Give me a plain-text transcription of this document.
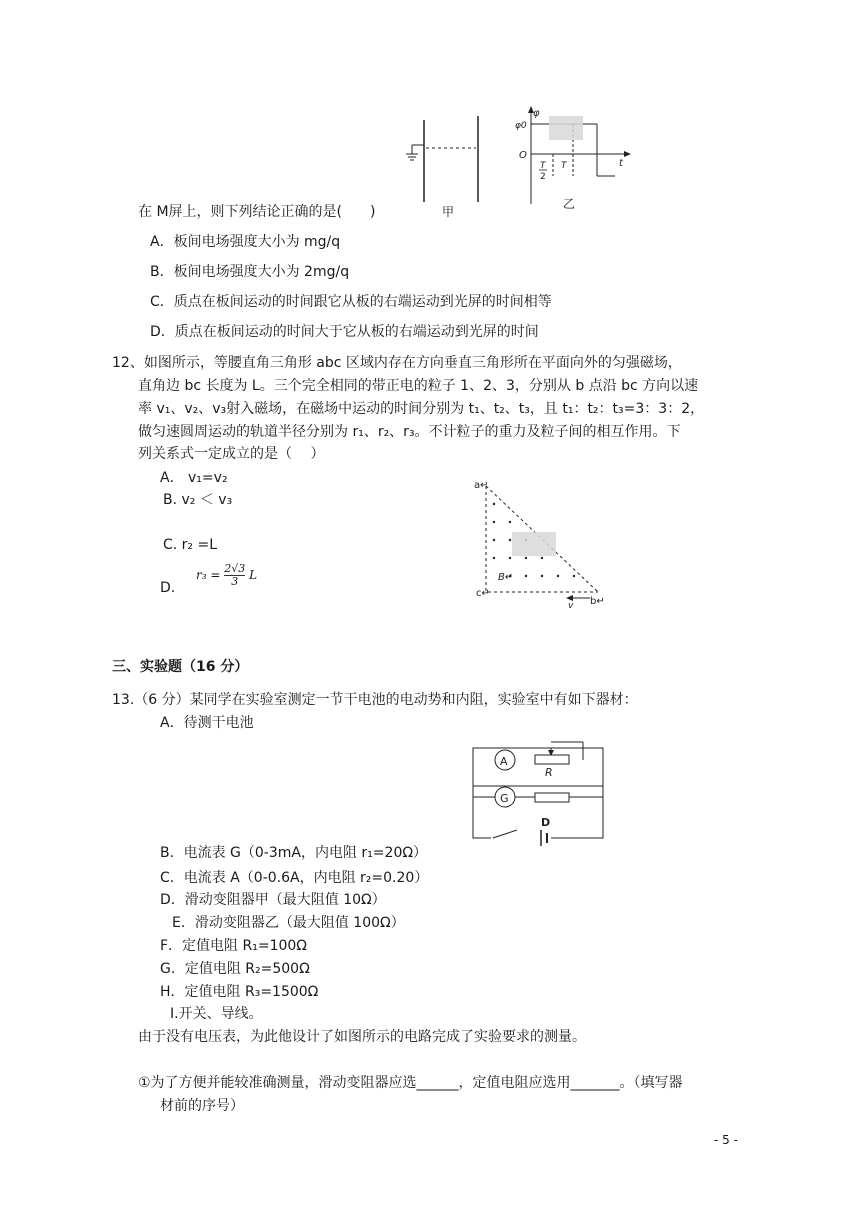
甲
φ
φ0
O
t
T
2
T
乙
在 M屏上，则下列结论正确的是(　　)
A．板间电场强度大小为 mg/q
B．板间电场强度大小为 2mg/q
C．质点在板间运动的时间跟它从板的右端运动到光屏的时间相等
D．质点在板间运动的时间大于它从板的右端运动到光屏的时间
12、如图所示，等腰直角三角形 abc 区域内存在方向垂直三角形所在平面向外的匀强磁场，
直角边 bc 长度为 L。三个完全相同的带正电的粒子 1、2、3，分别从 b 点沿 bc 方向以速
率 v₁、v₂、v₃射入磁场，在磁场中运动的时间分别为 t₁、t₂、t₃，且 t₁：t₂：t₃=3：3：2，
做匀速圆周运动的轨道半径分别为 r₁、r₂、r₃。不计粒子的重力及粒子间的相互作用。下
列关系式一定成立的是（　 ）
A． v₁=v₂
B. v₂ ＜ v₃
C. r₂ =L
D.
$r_3 = \frac{2√3}{3}$ L
a↵
c↵
b↵
B↵
v
三、实验题（16 分）
13.（6 分）某同学在实验室测定一节干电池的电动势和内阻，实验室中有如下器材：
A．待测干电池
A
R
G
D
B．电流表 G（0-3mA，内电阻 r₁=20Ω）
C．电流表 A（0-0.6A，内电阻 r₂=0.20）
D．滑动变阻器甲（最大阻值 10Ω）
E．滑动变阻器乙（最大阻值 100Ω）
F．定值电阻 R₁=100Ω
G．定值电阻 R₂=500Ω
H．定值电阻 R₃=1500Ω
I.开关、导线。
由于没有电压表，为此他设计了如图所示的电路完成了实验要求的测量。
①为了方便并能较准确测量，滑动变阻器应选______，定值电阻应选用_______。（填写器
材前的序号）
- 5 -
